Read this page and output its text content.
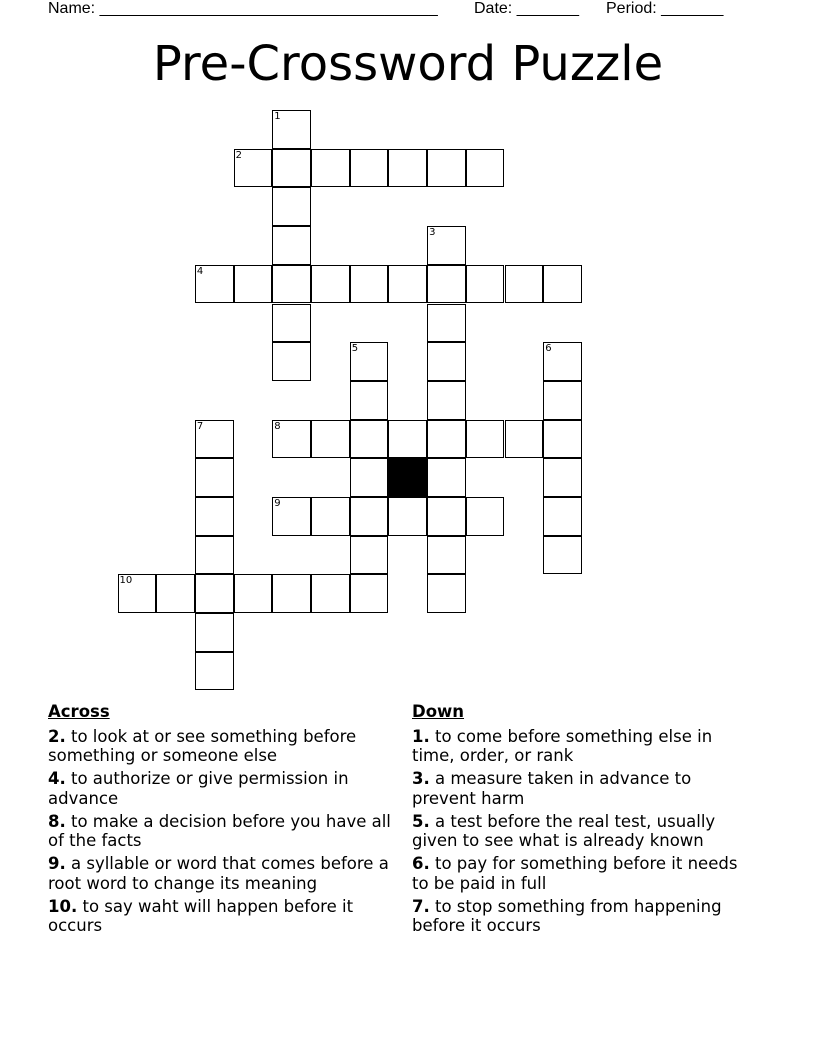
Name: ______________________________________ Date: _______ Period: _______
Pre-Crossword Puzzle
1
2
3
4
5	6
7	8
9
10
Across
2. to look at or see something before something or someone else
4. to authorize or give permission in advance
8. to make a decision before you have all of the facts
9. a syllable or word that comes before a root word to change its meaning
10. to say waht will happen before it occurs
Down
1. to come before something else in time, order, or rank
3. a measure taken in advance to prevent harm
5. a test before the real test, usually given to see what is already known
6. to pay for something before it needs to be paid in full
7. to stop something from happening before it occurs
